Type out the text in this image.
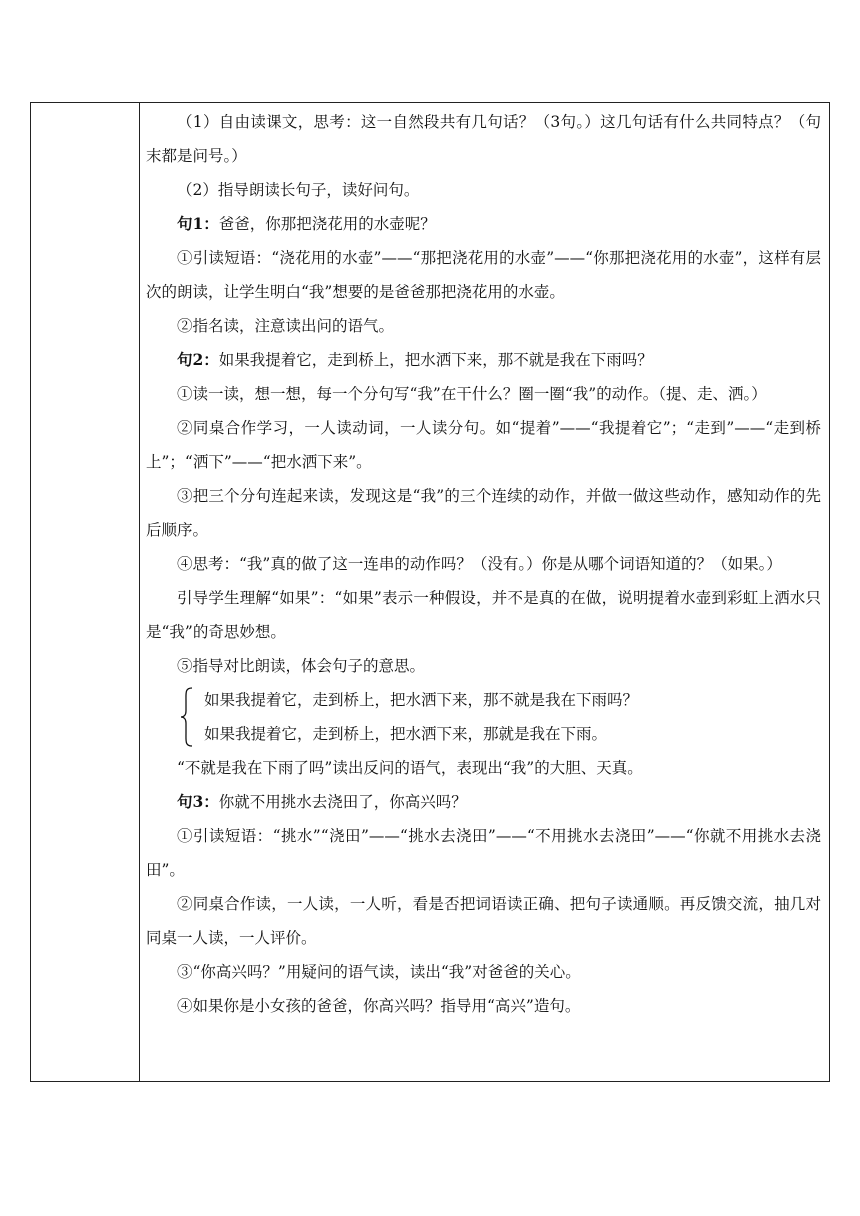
（1）自由读课文，思考：这一自然段共有几句话？（3句。）这几句话有什么共同特点？（句末都是问号。）

（2）指导朗读长句子，读好问句。

句1：爸爸，你那把浇花用的水壶呢？

①引读短语：“浇花用的水壶”——“那把浇花用的水壶”——“你那把浇花用的水壶”，这样有层次的朗读，让学生明白“我”想要的是爸爸那把浇花用的水壶。

②指名读，注意读出问的语气。

句2：如果我提着它，走到桥上，把水洒下来，那不就是我在下雨吗？

①读一读，想一想，每一个分句写“我”在干什么？圈一圈“我”的动作。（提、走、洒。）

②同桌合作学习，一人读动词，一人读分句。如“提着”——“我提着它”；“走到”——“走到桥上”；“洒下”——“把水洒下来”。

③把三个分句连起来读，发现这是“我”的三个连续的动作，并做一做这些动作，感知动作的先后顺序。

④思考：“我”真的做了这一连串的动作吗？（没有。）你是从哪个词语知道的？（如果。）

引导学生理解“如果”：“如果”表示一种假设，并不是真的在做，说明提着水壶到彩虹上洒水只是“我”的奇思妙想。

⑤指导对比朗读，体会句子的意思。

如果我提着它，走到桥上，把水洒下来，那不就是我在下雨吗？

如果我提着它，走到桥上，把水洒下来，那就是我在下雨。

“不就是我在下雨了吗”读出反问的语气，表现出“我”的大胆、天真。

句3：你就不用挑水去浇田了，你高兴吗？

①引读短语：“挑水”“浇田”——“挑水去浇田”——“不用挑水去浇田”——“你就不用挑水去浇田”。

②同桌合作读，一人读，一人听，看是否把词语读正确、把句子读通顺。再反馈交流，抽几对同桌一人读，一人评价。

③“你高兴吗？”用疑问的语气读，读出“我”对爸爸的关心。

④如果你是小女孩的爸爸，你高兴吗？指导用“高兴”造句。
